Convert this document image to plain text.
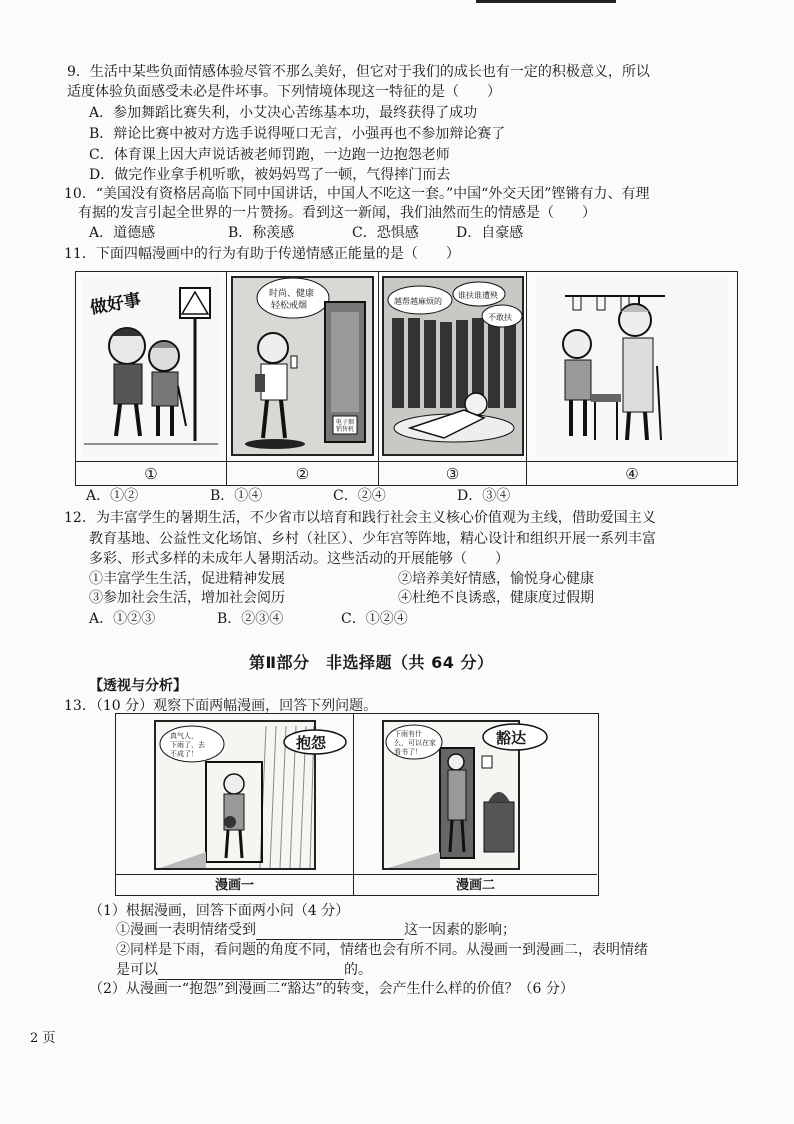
9．生活中某些负面情感体验尽管不那么美好，但它对于我们的成长也有一定的积极意义，所以
适度体验负面感受未必是件坏事。下列情境体现这一特征的是（　　）
A．参加舞蹈比赛失利，小艾决心苦练基本功，最终获得了成功
B．辩论比赛中被对方选手说得哑口无言，小强再也不参加辩论赛了
C．体育课上因大声说话被老师罚跑，一边跑一边抱怨老师
D．做完作业拿手机听歌，被妈妈骂了一顿，气得摔门而去
10．“美国没有资格居高临下同中国讲话，中国人不吃这一套。”中国“外交天团”铿锵有力、有理
有据的发言引起全世界的一片赞扬。看到这一新闻，我们油然而生的情感是（　　）
A．道德感	B．称羡感	C．恐惧感	D．自豪感
11．下面四幅漫画中的行为有助于传递情感正能量的是（　　）
做好事	时尚、健康
轻松戒烟
电子烟
销售机
越帮越麻烦的
谁扶谁遭殃
不敢扶
①	②	③	④
A．①②	B．①④	C．②④	D．③④
12．为丰富学生的暑期生活，不少省市以培育和践行社会主义核心价值观为主线，借助爱国主义
教育基地、公益性文化场馆、乡村（社区）、少年宫等阵地，精心设计和组织开展一系列丰富
多彩、形式多样的未成年人暑期活动。这些活动的开展能够（　　）
①丰富学生生活，促进精神发展	②培养美好情感，愉悦身心健康
③参加社会生活，增加社会阅历	④杜绝不良诱惑，健康度过假期
A．①②③	B．②③④	C．①②④
第Ⅱ部分　非选择题（共 64 分）
【透视与分析】
13．（10 分）观察下面两幅漫画，回答下列问题。
真气人，
下雨了，去
不成了！
抱怨	下雨有什
么，可以在家
看书了！
豁达
漫画一	漫画二
（1）根据漫画，回答下面两小问（4 分）
①漫画一表明情绪受到	这一因素的影响；
②同样是下雨，看问题的角度不同，情绪也会有所不同。从漫画一到漫画二，表明情绪
是可以	的。
（2）从漫画一“抱怨”到漫画二“豁达”的转变，会产生什么样的价值？（6 分）
2 页
